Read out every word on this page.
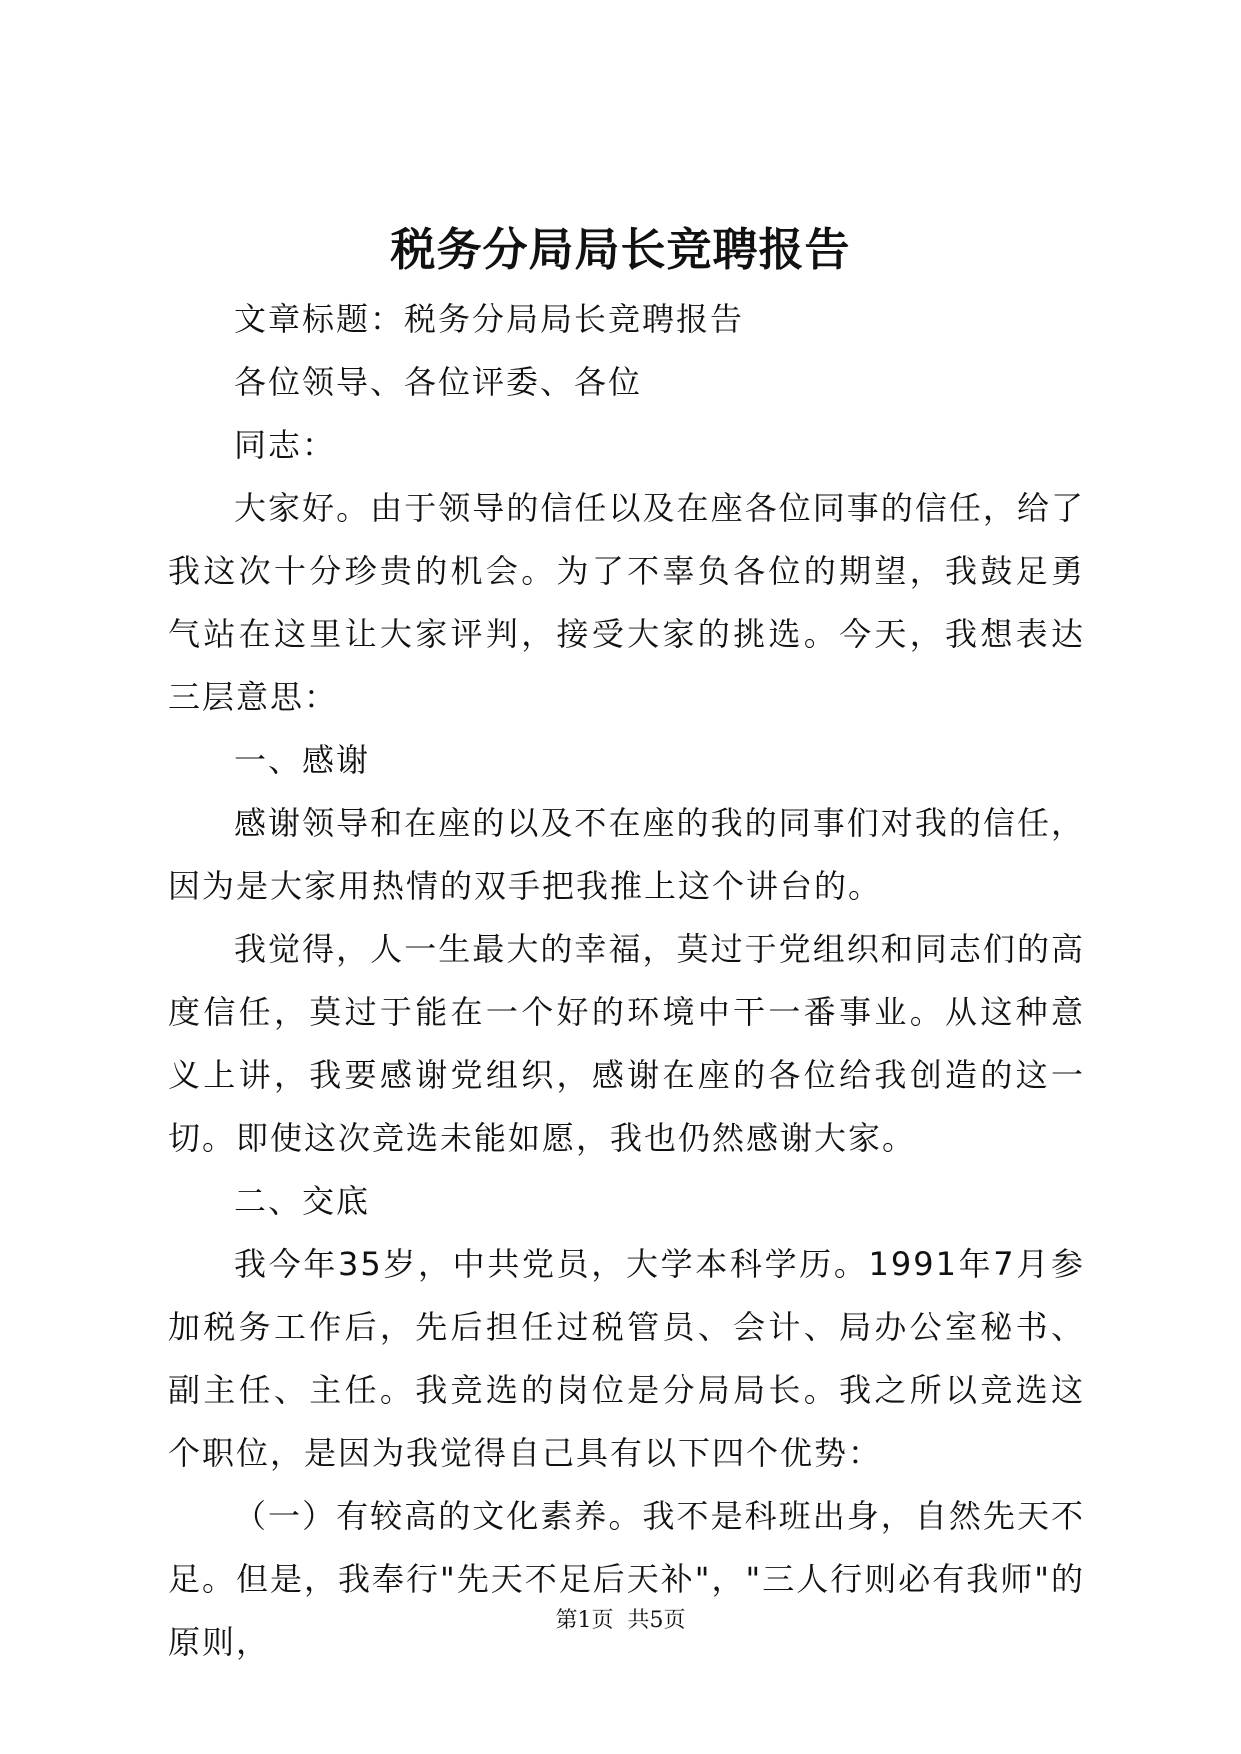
税务分局局长竞聘报告

文章标题：税务分局局长竞聘报告

各位领导、各位评委、各位

同志：

大家好。由于领导的信任以及在座各位同事的信任，给了我这次十分珍贵的机会。为了不辜负各位的期望，我鼓足勇气站在这里让大家评判，接受大家的挑选。今天，我想表达三层意思：

一、感谢

感谢领导和在座的以及不在座的我的同事们对我的信任，因为是大家用热情的双手把我推上这个讲台的。

我觉得，人一生最大的幸福，莫过于党组织和同志们的高度信任，莫过于能在一个好的环境中干一番事业。从这种意义上讲，我要感谢党组织，感谢在座的各位给我创造的这一切。即使这次竞选未能如愿，我也仍然感谢大家。

二、交底

我今年35岁，中共党员，大学本科学历。1991年7月参加税务工作后，先后担任过税管员、会计、局办公室秘书、副主任、主任。我竞选的岗位是分局局长。我之所以竞选这个职位，是因为我觉得自己具有以下四个优势：

（一）有较高的文化素养。我不是科班出身，自然先天不足。但是，我奉行"先天不足后天补"，"三人行则必有我师"的原则，

第1页 共5页
